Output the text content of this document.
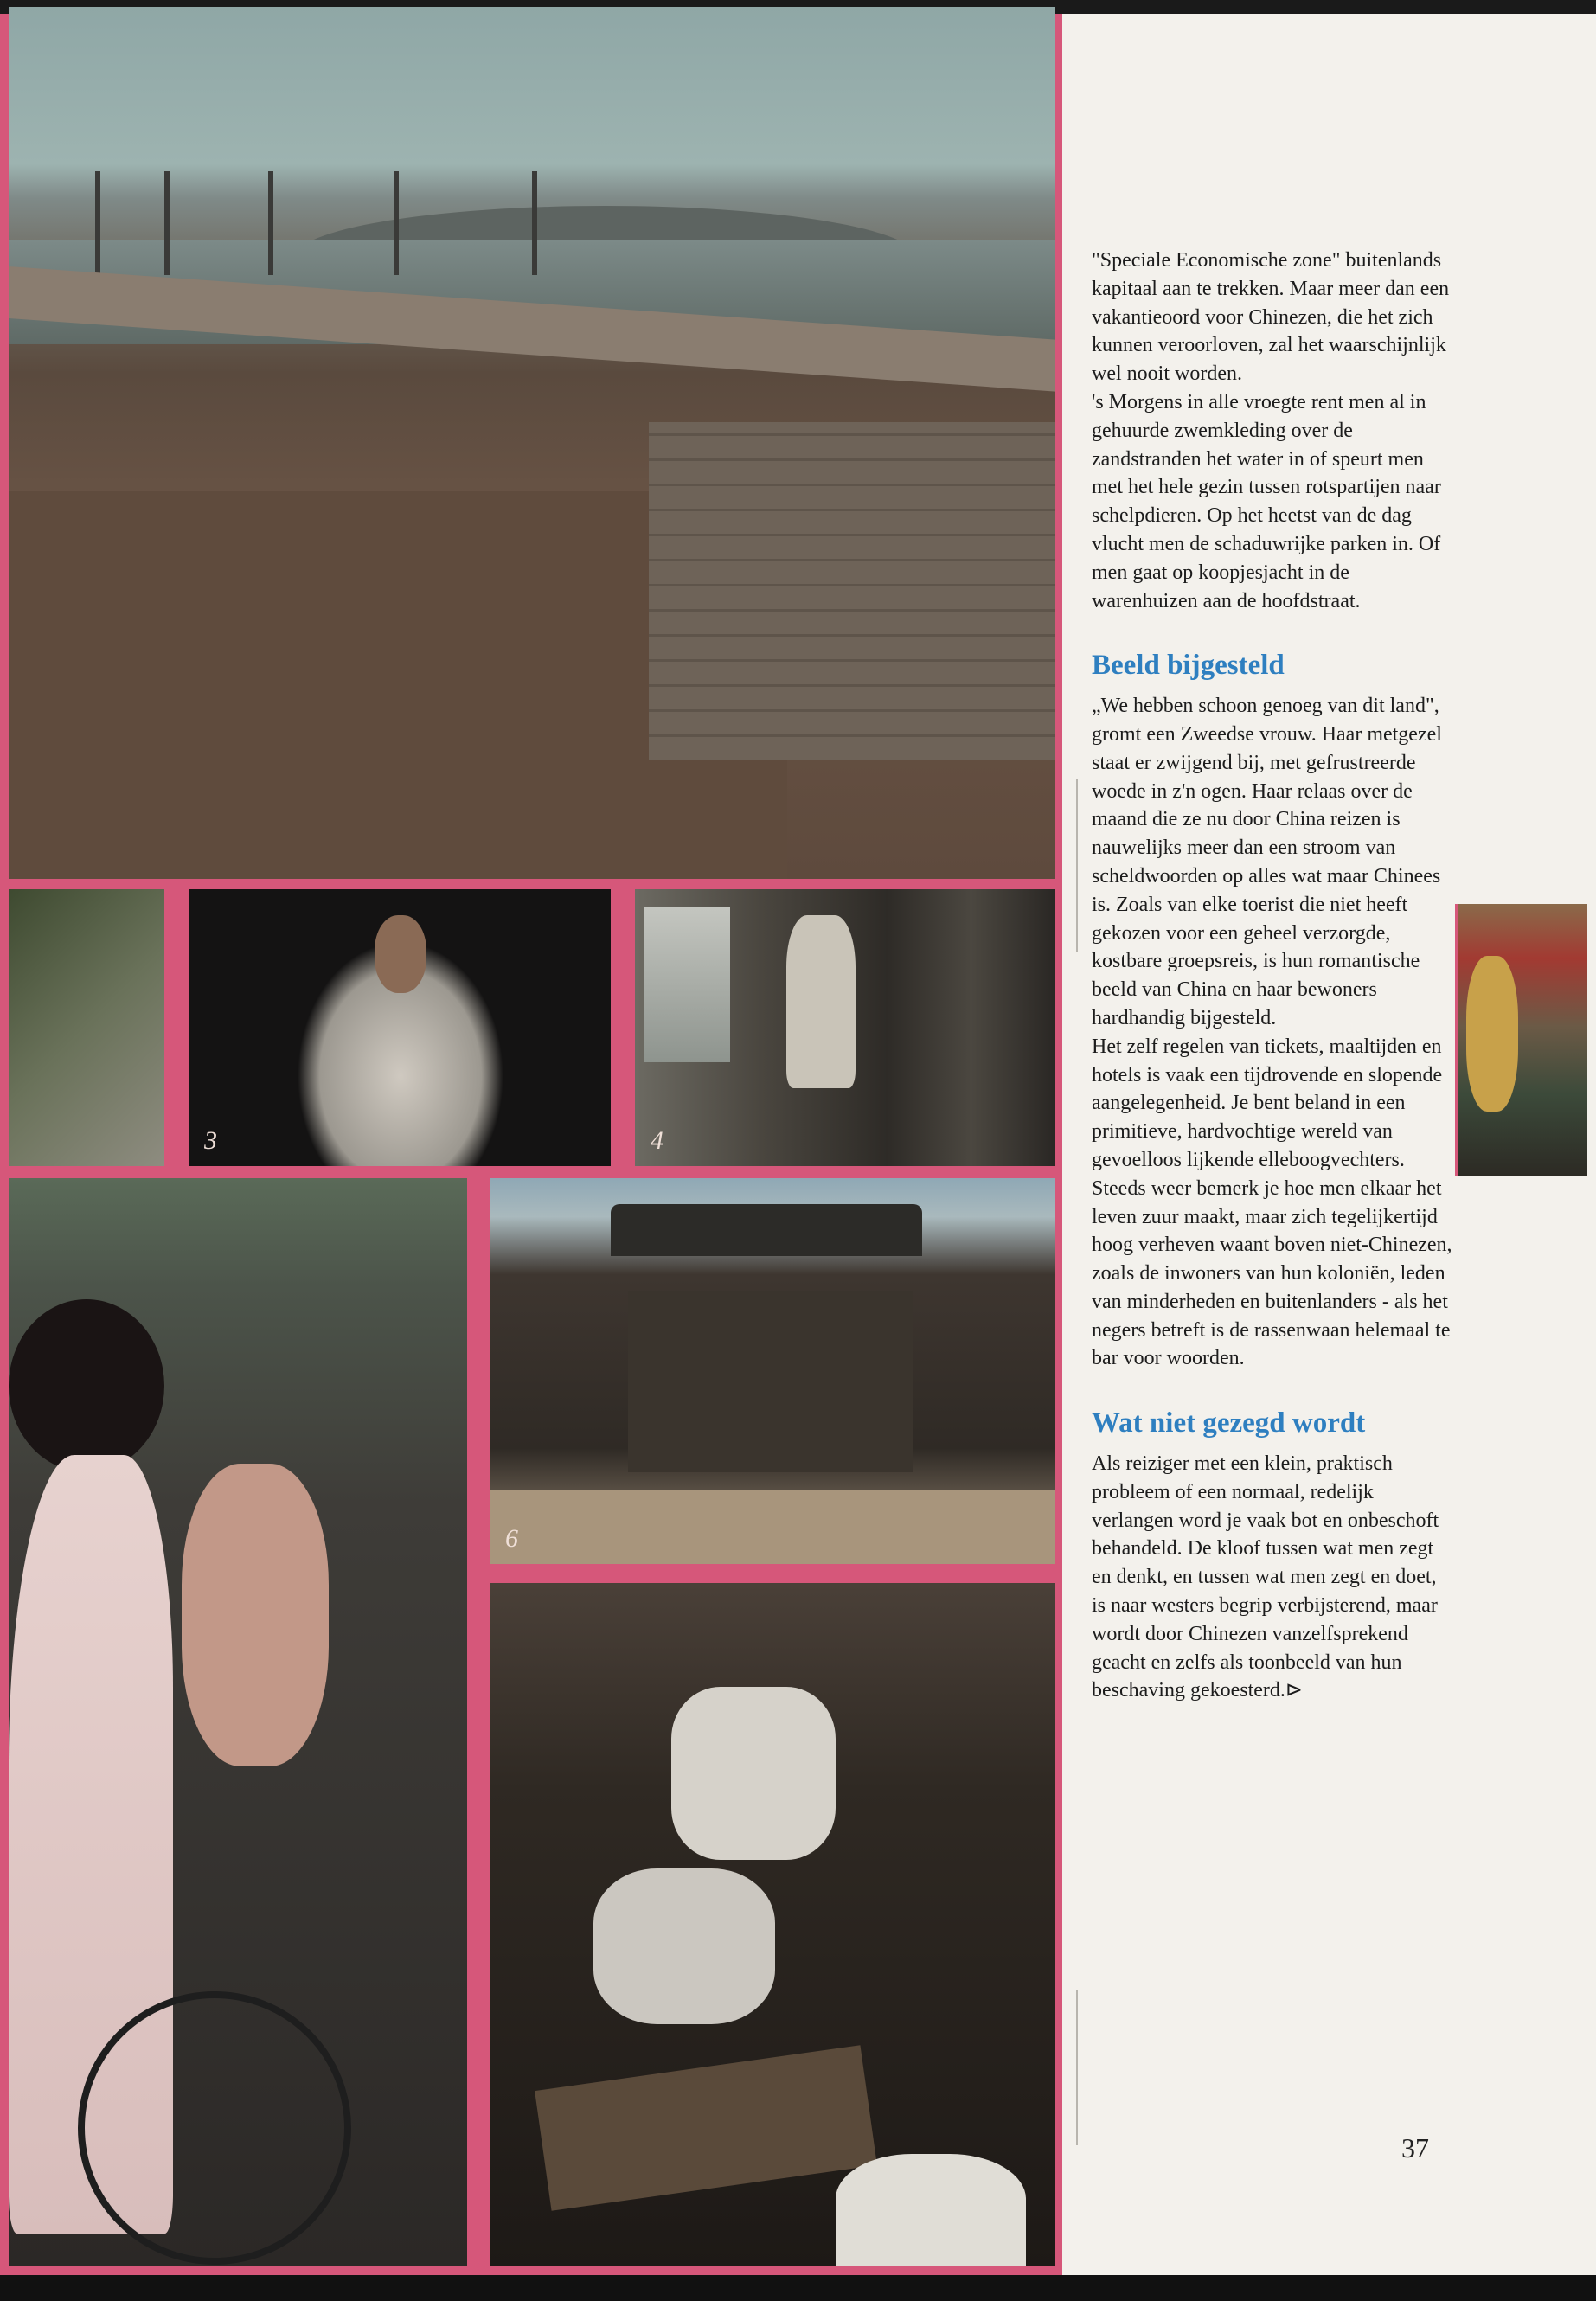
3	4
6

"Speciale Economische zone" buitenlands kapitaal aan te trekken. Maar meer dan een vakantieoord voor Chinezen, die het zich kunnen veroorloven, zal het waarschijnlijk wel nooit worden.
's Morgens in alle vroegte rent men al in gehuurde zwemkleding over de zandstranden het water in of speurt men met het hele gezin tussen rotspartijen naar schelpdieren. Op het heetst van de dag vlucht men de schaduwrijke parken in. Of men gaat op koopjesjacht in de warenhuizen aan de hoofdstraat.

Beeld bijgesteld

„We hebben schoon genoeg van dit land", gromt een Zweedse vrouw. Haar metgezel staat er zwijgend bij, met gefrustreerde woede in z'n ogen. Haar relaas over de maand die ze nu door China reizen is nauwelijks meer dan een stroom van scheldwoorden op alles wat maar Chinees is. Zoals van elke toerist die niet heeft gekozen voor een geheel verzorgde, kostbare groepsreis, is hun romantische beeld van China en haar bewoners hardhandig bijgesteld.
Het zelf regelen van tickets, maaltijden en hotels is vaak een tijdrovende en slopende aangelegenheid. Je bent beland in een primitieve, hardvochtige wereld van gevoelloos lijkende elleboogvechters. Steeds weer bemerk je hoe men elkaar het leven zuur maakt, maar zich tegelijkertijd hoog verheven waant boven niet-Chinezen, zoals de inwoners van hun koloniën, leden van minderheden en buitenlanders - als het negers betreft is de rassenwaan helemaal te bar voor woorden.

Wat niet gezegd wordt

Als reiziger met een klein, praktisch probleem of een normaal, redelijk verlangen word je vaak bot en onbeschoft behandeld. De kloof tussen wat men zegt en denkt, en tussen wat men zegt en doet, is naar westers begrip verbijsterend, maar wordt door Chinezen vanzelfsprekend geacht en zelfs als toonbeeld van hun beschaving gekoesterd.⊳

37
